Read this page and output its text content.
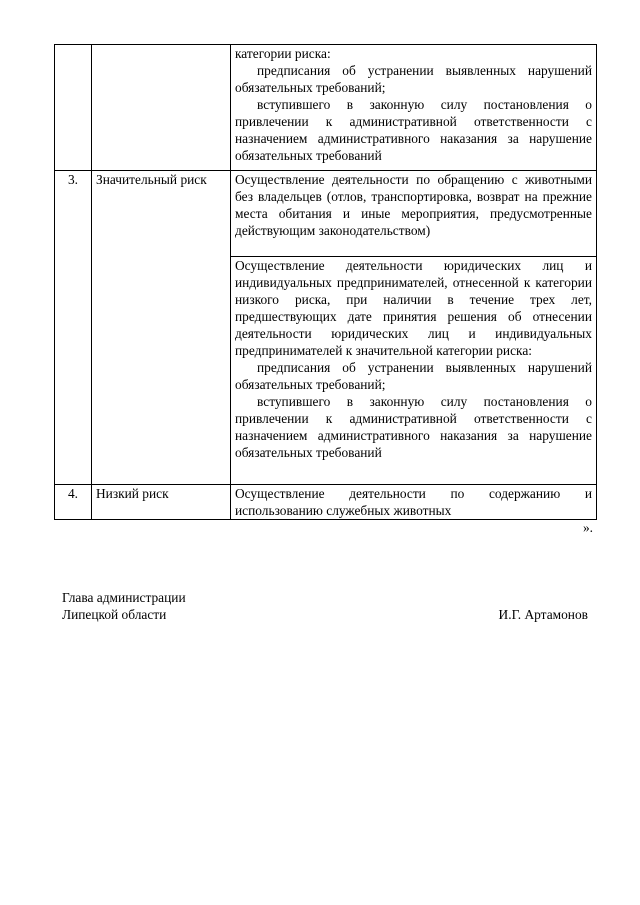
		категории риска:

предписания об устранении выявленных нарушений обязательных требований;

вступившего в законную силу постановления о привлечении к административной ответственности с назначением административного наказания за нарушение обязательных требований

3.	Значительный риск	Осуществление деятельности по обращению с животными без владельцев (отлов, транспортировка, возврат на прежние места обитания и иные мероприятия, предусмотренные действующим законодательством)

		Осуществление деятельности юридических лиц и индивидуальных предпринимателей, отнесенной к категории низкого риска, при наличии в течение трех лет, предшествующих дате принятия решения об отнесении деятельности юридических лиц и индивидуальных предпринимателей к значительной категории риска:

предписания об устранении выявленных нарушений обязательных требований;

вступившего в законную силу постановления о привлечении к административной ответственности с назначением административного наказания за нарушение обязательных требований

4.	Низкий риск	Осуществление деятельности по содержанию и использованию служебных животных

».
Глава администрации
Липецкой области	И.Г. Артамонов
